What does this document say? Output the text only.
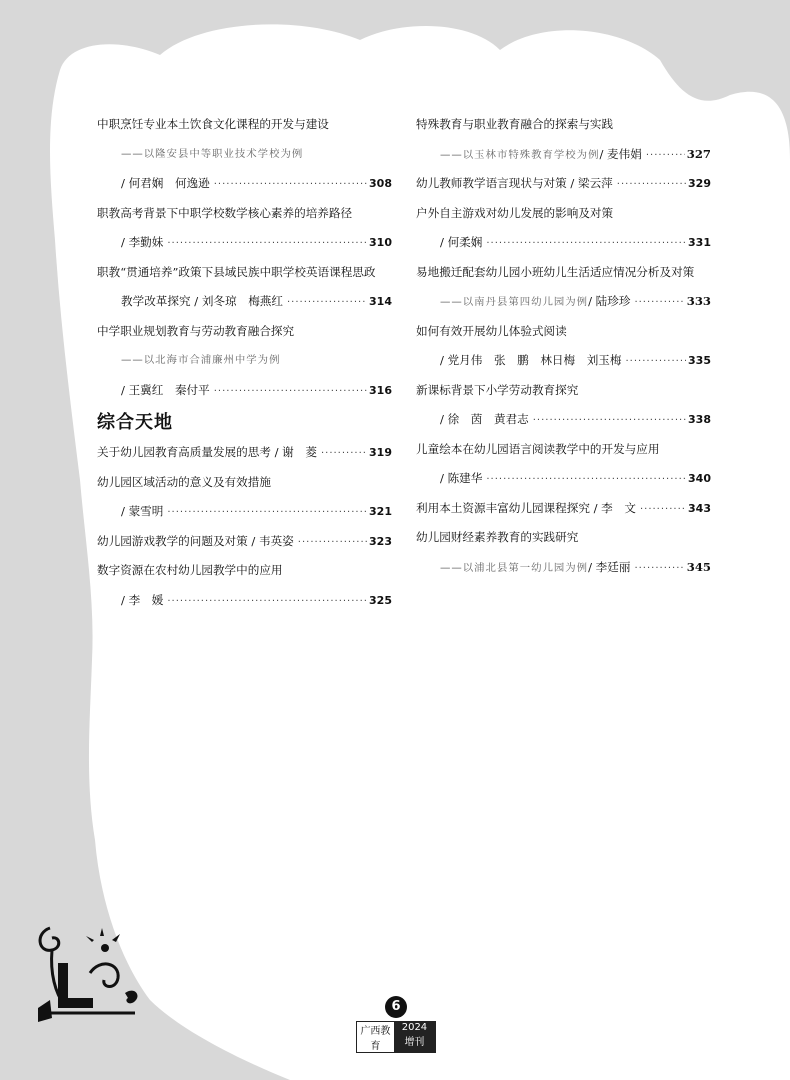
中职烹饪专业本土饮食文化课程的开发与建设
——以隆安县中等职业技术学校为例
/ 何君娴　何逸逊 ·····	308
职教高考背景下中职学校数学核心素养的培养路径
/ 李勤妹 ·····	310
职教“贯通培养”政策下县域民族中职学校英语课程思政
教学改革探究 / 刘冬琼　梅燕红 ·····	314
中学职业规划教育与劳动教育融合探究
——以北海市合浦廉州中学为例
/ 王冀红　秦付平 ·····	316
综合天地
关于幼儿园教育高质量发展的思考 / 谢　菱 ·····	319
幼儿园区域活动的意义及有效措施
/ 蒙雪明 ·····	321
幼儿园游戏教学的问题及对策 / 韦英姿 ·····	323
数字资源在农村幼儿园教学中的应用
/ 李　媛 ·····	325
特殊教育与职业教育融合的探索与实践
——以玉林市特殊教育学校为例 / 麦伟娟 ·····	327
幼儿教师教学语言现状与对策 / 梁云萍 ·····	329
户外自主游戏对幼儿发展的影响及对策
/ 何柔娴 ·····	331
易地搬迁配套幼儿园小班幼儿生活适应情况分析及对策
——以南丹县第四幼儿园为例 / 陆珍珍 ·····	333
如何有效开展幼儿体验式阅读
/ 党月伟　张　鹏　林日梅　刘玉梅 ·····	335
新课标背景下小学劳动教育探究
/ 徐　茵　黄君志 ·····	338
儿童绘本在幼儿园语言阅读教学中的开发与应用
/ 陈建华 ·····	340
利用本土资源丰富幼儿园课程探究 / 李　文 ·····	343
幼儿园财经素养教育的实践研究
——以浦北县第一幼儿园为例 / 李廷丽 ·····	345
6
广西教育
2024增刊
